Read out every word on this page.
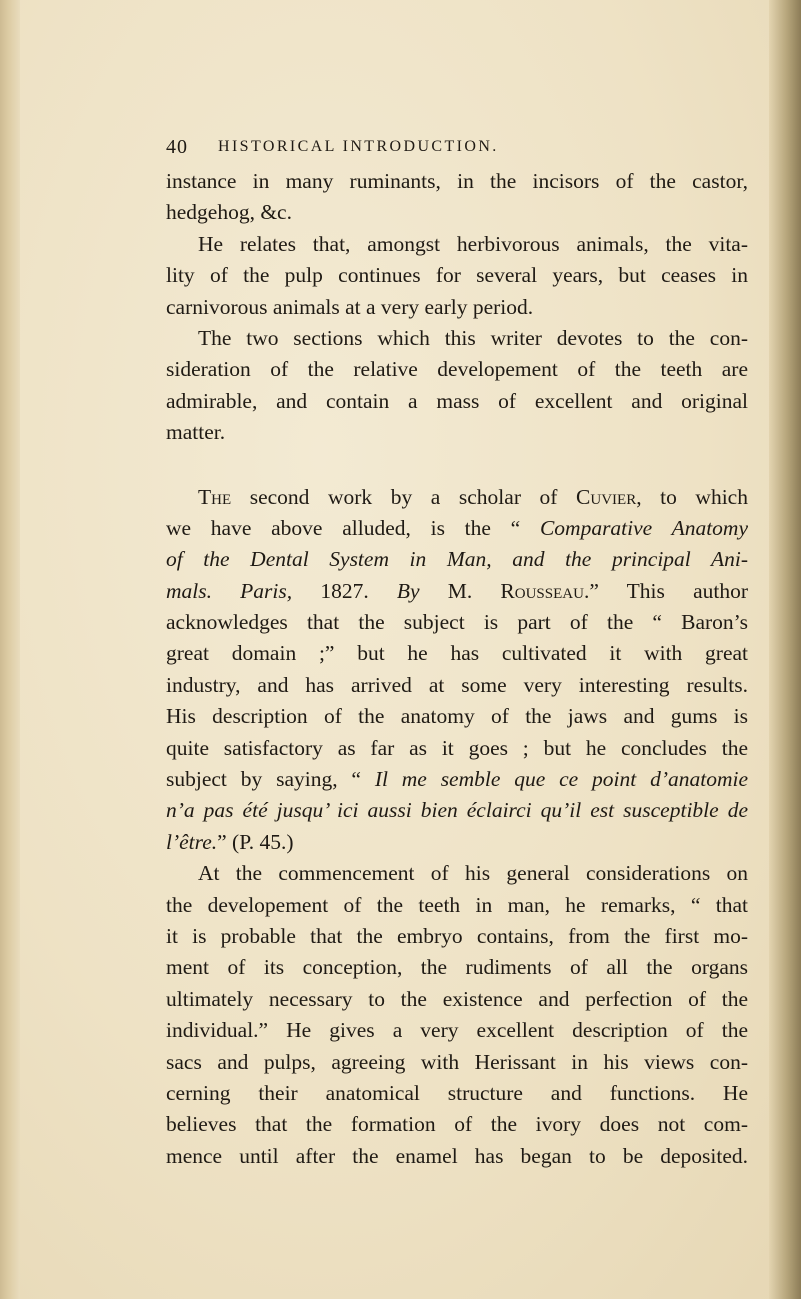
40 HISTORICAL INTRODUCTION.
instance in many ruminants, in the incisors of the castor,
hedgehog, &c.
He relates that, amongst herbivorous animals, the vita-
lity of the pulp continues for several years, but ceases in
carnivorous animals at a very early period.
The two sections which this writer devotes to the con-
sideration of the relative developement of the teeth are
admirable, and contain a mass of excellent and original
matter.
The second work by a scholar of Cuvier, to which
we have above alluded, is the “ Comparative Anatomy
of the Dental System in Man, and the principal Ani-
mals. Paris, 1827. By M. Rousseau.” This author
acknowledges that the subject is part of the “ Baron’s
great domain ;” but he has cultivated it with great
industry, and has arrived at some very interesting results.
His description of the anatomy of the jaws and gums is
quite satisfactory as far as it goes ; but he concludes the
subject by saying, “ Il me semble que ce point d’anatomie
n’a pas été jusqu’ ici aussi bien éclairci qu’il est susceptible de
l’être.” (P. 45.)
At the commencement of his general considerations on
the developement of the teeth in man, he remarks, “ that
it is probable that the embryo contains, from the first mo-
ment of its conception, the rudiments of all the organs
ultimately necessary to the existence and perfection of the
individual.” He gives a very excellent description of the
sacs and pulps, agreeing with Herissant in his views con-
cerning their anatomical structure and functions. He
believes that the formation of the ivory does not com-
mence until after the enamel has began to be deposited.
